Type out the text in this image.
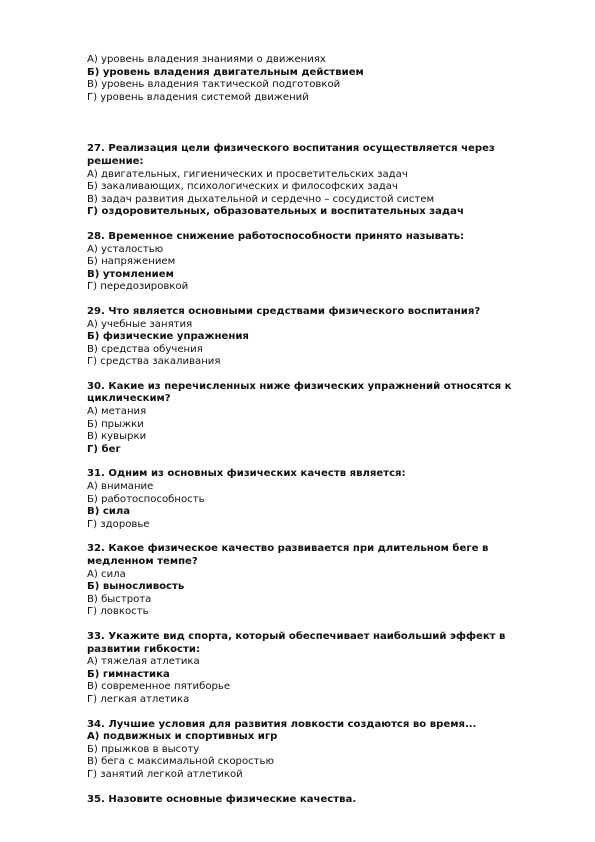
А) уровень владения знаниями о движениях

Б) уровень владения двигательным действием

В) уровень владения тактической подготовкой

Г) уровень владения системой движений

27. Реализация цели физического воспитания осуществляется через

решение:

А) двигательных, гигиенических и просветительских задач

Б) закаливающих, психологических и философских задач

В) задач развития дыхательной и сердечно – сосудистой систем

Г) оздоровительных, образовательных и воспитательных задач

28. Временное снижение работоспособности принято называть:

А) усталостью

Б) напряжением

В) утомлением

Г) передозировкой

29. Что является основными средствами физического воспитания?

А) учебные занятия

Б) физические упражнения

В) средства обучения

Г) средства закаливания

30. Какие из перечисленных ниже физических упражнений относятся к

циклическим?

А) метания

Б) прыжки

В) кувырки

Г) бег

31. Одним из основных физических качеств является:

А) внимание

Б) работоспособность

В) сила

Г) здоровье

32. Какое физическое качество развивается при длительном беге в

медленном темпе?

А) сила

Б) выносливость

В) быстрота

Г) ловкость

33. Укажите вид спорта, который обеспечивает наибольший эффект в

развитии гибкости:

А) тяжелая атлетика

Б) гимнастика

В) современное пятиборье

Г) легкая атлетика

34. Лучшие условия для развития ловкости создаются во время...

А) подвижных и спортивных игр

Б) прыжков в высоту

В) бега с максимальной скоростью

Г) занятий легкой атлетикой

35. Назовите основные физические качества.
